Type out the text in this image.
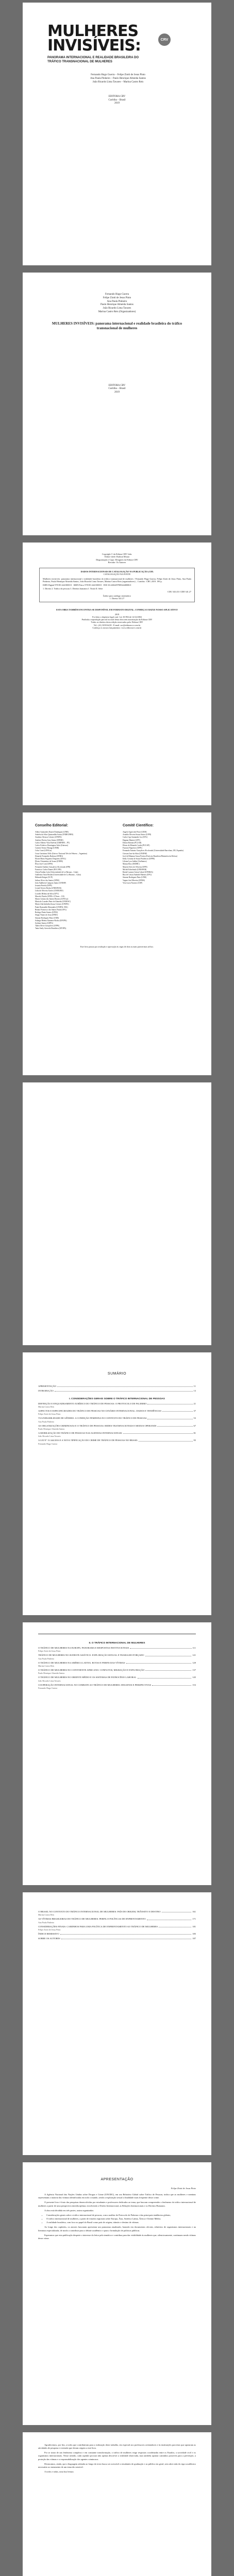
MULHERES INVISÍVEIS:	CRV
PANORAMA INTERNACIONAL E REALIDADE BRASILEIRA DO TRÁFICO TRANSNACIONAL DE MULHERES
Fernando Hugo Guerra – Felipe Ziotti de Jesus Pinto
Ana Paula Pinheiro – Paulo Henrique Almeida Santos
João Ricardo Lima Tavares – Marina Castro Reis
EDITORA CRV
Curitiba – Brasil
2019
Fernando Hugo Guerra
Felipe Ziotti de Jesus Pinto
Ana Paula Pinheiro
Paulo Henrique Almeida Santos
João Ricardo Lima Tavares
Marina Castro Reis (Organizadores)
MULHERES INVISÍVEIS: panorama internacional e realidade brasileira do tráfico transnacional de mulheres
EDITORA CRV
Curitiba – Brasil
2019
Copyright © da Editora CRV Ltda.
Editor-chefe: Railson Moura
Diagramação e Capa: Designers da Editora CRV
Revisão: Os Autores
DADOS INTERNACIONAIS DE CATALOGAÇÃO NA PUBLICAÇÃO (CIP)
CATALOGAÇÃO NA FONTE
Mulheres invisíveis: panorama internacional e realidade brasileira do tráfico transnacional de mulheres / Fernando Hugo Guerra, Felipe Ziotti de Jesus Pinto, Ana Paula Pinheiro, Paulo Henrique Almeida Santos, João Ricardo Lima Tavares, Marina Castro Reis (organizadores) – Curitiba : CRV, 2019. 190 p.
ISBN Digital 978-85-444-0000-0 · ISBN Físico 978-85-444-0000-0 · DOI 10.24824/978854440000.0
1. Direito 2. Tráfico de pessoas 3. Direitos humanos I. Título II. Série
CDU 343.431 CDD 341.27
Índice para catálogo sistemático
1. Direito 341.27
ESTA OBRA TAMBÉM ENCONTRA-SE DISPONÍVEL EM FORMATO DIGITAL. CONHEÇA E BAIXE NOSSO APLICATIVO!
2019
Foi feito o depósito legal conf. Lei 10.994 de 14/12/2004
Proibida a reprodução parcial ou total desta obra sem autorização da Editora CRV
Todos os direitos desta edição reservados pela: Editora CRV
Tel.: (41) 3039-6418 - E-mail: sac@editoracrv.com.br
Conheça os nossos lançamentos: www.editoracrv.com.br
Conselho Editorial:	Comitê Científico:
Aldira Guimarães Duarte Domínguez (UNB)
Andréia da Silva Quintanilha Sousa (UNIR/UFRN)
Anselmo Alencar Colares (UFOPA)
Antônio Pereira Gaio Júnior (UFRRJ)
Carlos Alberto Vilar Estêvão (UMINHO – PT)
Carlos Federico Dominguez Avila (Unieuro)
Carmen Tereza Velanga (UNIR)
Celso Conti (UFSCar)
Cesar Gerónimo Tello (Univer. Nacional Três de Febrero – Argentina)
Eduardo Fernandes Barbosa (UFMG)
Elione Maria Nogueira Diogenes (UFAL)
Elizeu Clementino de Souza (UNEB)
Élsio José Corá (UFFS)
Fernando Antônio Gonçalves Alcoforado (IPB)
Francisco Carlos Duarte (PUC-PR)
Gloria Fariñas León (Universidade de La Havana – Cuba)
Guillermo Arias Beatón (Universidade de La Havana – Cuba)
Helmuth Krüger (UCP)
Jailson Alves dos Santos (UFRJ)
João Adalberto Campato Junior (UNESP)
Josania Portela (UFPI)
Leonel Severo Rocha (UNISINOS)
Lídia de Oliveira Xavier (UNIEURO)
Lourdes Helena da Silva (UFV)
Marcelo Paixão (UFRJ e UTexas – US)
Maria Cristina dos Santos Bezerra (UFSCar)
Maria de Lourdes Pinto de Almeida (UNOESC)
Maria Lília Imbiriba Sousa Colares (UFOPA)
Paulo Romualdo Hernandes (UNIFAL-MG)
Renato Francisco dos Santos Paula (UFG)
Rodrigo Pratte-Santos (UFES)
Sérgio Nunes de Jesus (IFRO)
Simone Rodrigues Pinto (UNB)
Solange Helena Ximenes-Rocha (UFOPA)
Sydione Santos (UEPG)
Tadeu Oliver Gonçalves (UFPA)
Tania Suely Azevedo Brasileiro (UFOPA)
Angelo Aparecido Priori (UEM)
Arnaldo Oliveira Souza Júnior (UFPI)
Carlos Ugo Santander Joo (UFG)
Dagmar Manieri (UFT)
Edison Bariani (FCLAR)
Elizeu de Miranda Corrêa (PUC/SP)
Fauston Negreiros (UFPI)
Fernando Antonio Gonçalves Alcoforado (Universidade Barcelona, UB, Espanha)
Giovani José da Silva (UNIFAP)
José de Ribamar Sousa Pereira (Exército Brasileiro/Ministério da Defesa)
Kelly Cristina de Souza Prudencio (UFPR)
Liliana Lyra Jubilut (UniSantos)
Mariza Rios (ESDHC)
Marylu Alves de Oliveira (UFPI)
Michel Kobelinski (UNESPAR)
Rafael Lamera Giesta Cabral (UFERSA)
Rita de Cássia Andrade Martins (UFG)
Simone Rodrigues Pinto (UNB)
Vagner José Moreira (UFMS)
Vera Lucia Navarro (USP)
Este livro passou por avaliação e aprovação às cegas de dois ou mais pareceristas ad hoc.
SUMÁRIO
APRESENTAÇÃO	11
INTRODUÇÃO	13
I. CONSIDERAÇÕES GERAIS SOBRE O TRÁFICO INTERNACIONAL DE PESSOAS
DEFINIÇÃO E ENQUADRAMENTO JURÍDICO DO TRÁFICO DE PESSOAS: O PROTOCOLO DE PALERMO	21
Marina Castro Reis
ASPECTOS E ESPECIFICIDADES DO TRÁFICO DE PESSOAS NO CENÁRIO INTERNACIONAL: DADOS E TENDÊNCIAS	37
Felipe Ziotti de Jesus Pinto
VULNERABILIDADE DE GÊNERO: A CONDIÇÃO FEMININA NO CONTEXTO DO TRÁFICO DE PESSOAS	53
Ana Paula Pinheiro
AS ORGANIZAÇÕES CRIMINOSAS E O TRÁFICO DE PESSOAS: REDES TRANSNACIONAIS E MODUS OPERANDI	67
Paulo Henrique Almeida Santos
A MOBILIZAÇÃO DO TRÁFICO DE PESSOAS NAS AGENDAS INTERNACIONAIS	81
João Ricardo Lima Tavares
A LEI Nº 13.344/2016 E A NOVA TIPIFICAÇÃO DO CRIME DE TRÁFICO DE PESSOAS NO BRASIL	95
Fernando Hugo Guerra
II. O TRÁFICO INTERNACIONAL DE MULHERES
O TRÁFICO DE MULHERES NA EUROPA: PANORAMA E RESPOSTAS INSTITUCIONAIS	111
Felipe Ziotti de Jesus Pinto
TRÁFICO DE MULHERES NO SUDESTE ASIÁTICO: EXPLORAÇÃO SEXUAL E TRABALHO FORÇADO	121
Ana Paula Pinheiro
O TRÁFICO DE MULHERES NA AMÉRICA LATINA: ROTAS E PERFIS DAS VÍTIMAS	129
Marina Castro Reis
O TRÁFICO DE MULHERES NO CONTINENTE AFRICANO: CONFLITOS, MIGRAÇÃO E EXPLORAÇÃO	137
Paulo Henrique Almeida Santos
O TRÁFICO DE MULHERES NO ORIENTE MÉDIO E OS SISTEMAS DE PATROCÍNIO LABORAL	145
João Ricardo Lima Tavares
COOPERAÇÃO INTERNACIONAL NO COMBATE AO TRÁFICO DE MULHERES: DESAFIOS E PERSPECTIVAS	153
Fernando Hugo Guerra
O BRASIL NO CONTEXTO DO TRÁFICO INTERNACIONAL DE MULHERES: PAÍS DE ORIGEM, TRÂNSITO E DESTINO	161
Marina Castro Reis
AS VÍTIMAS BRASILEIRAS DO TRÁFICO DE MULHERES: PERFIL E POLÍTICAS DE ENFRENTAMENTO	171
Ana Paula Pinheiro
CONSIDERAÇÕES FINAIS: CAMINHOS PARA UMA POLÍTICA DE ENFRENTAMENTO AO TRÁFICO DE MULHERES	181
Felipe Ziotti de Jesus Pinto
ÍNDICE REMISSIVO	185
SOBRE OS AUTORES	187
APRESENTAÇÃO
Felipe Ziotti de Jesus Pinto

A Agência Nacional das Nações Unidas sobre Drogas e Crime (UNODC), em seu Relatório Global sobre Tráfico de Pessoas, indica que as mulheres e meninas representam a maioria das vítimas identificadas em todo o mundo, sendo a exploração sexual a finalidade mais frequente desse crime.

O presente livro é fruto das pesquisas desenvolvidas por estudantes e professores dedicados ao tema, que buscam compreender o fenômeno do tráfico internacional de mulheres a partir de uma perspectiva interdisciplinar, envolvendo o Direito Internacional, as Relações Internacionais e os Direitos Humanos.

A obra está dividida em três partes, assim organizadas:

• Considerações gerais sobre o tráfico internacional de pessoas, com a análise do Protocolo de Palermo e das principais tendências globais;
• O tráfico internacional de mulheres, a partir de estudos regionais sobre Europa, Ásia, América Latina, África e Oriente Médio;
• A realidade brasileira, com foco no papel do Brasil como país de origem, trânsito e destino de vítimas.

Ao longo dos capítulos, os autores buscaram apresentar um panorama atualizado, baseado em documentos oficiais, relatórios de organismos internacionais e na literatura especializada, de modo a contribuir para o debate acadêmico e para a formulação de políticas públicas.

Esperamos que esta publicação desperte o interesse do leitor pela temática e contribua para dar visibilidade às mulheres que, silenciosamente, continuam sendo vítimas desse crime.

Agradecemos, por fim, a todos que contribuíram para a realização deste trabalho, em especial aos professores orientadores e às instituições parceiras que apoiaram as atividades de pesquisa e extensão que deram origem a este livro.

Por se tratar de um fenômeno complexo e em constante transformação, o tráfico de mulheres exige respostas coordenadas entre os Estados, a sociedade civil e os organismos internacionais. Nesse sentido, cada capítulo procura não apenas descrever a realidade observada, mas também apontar caminhos possíveis para a prevenção, a proteção das vítimas e a responsabilização dos agentes criminosos.

Destacamos, ainda, que a linguagem adotada ao longo do texto busca ser acessível a estudantes de graduação e ao público em geral, sem abrir mão do rigor acadêmico necessário ao tratamento de um tema tão sensível.

A todos e todas, uma boa leitura.
